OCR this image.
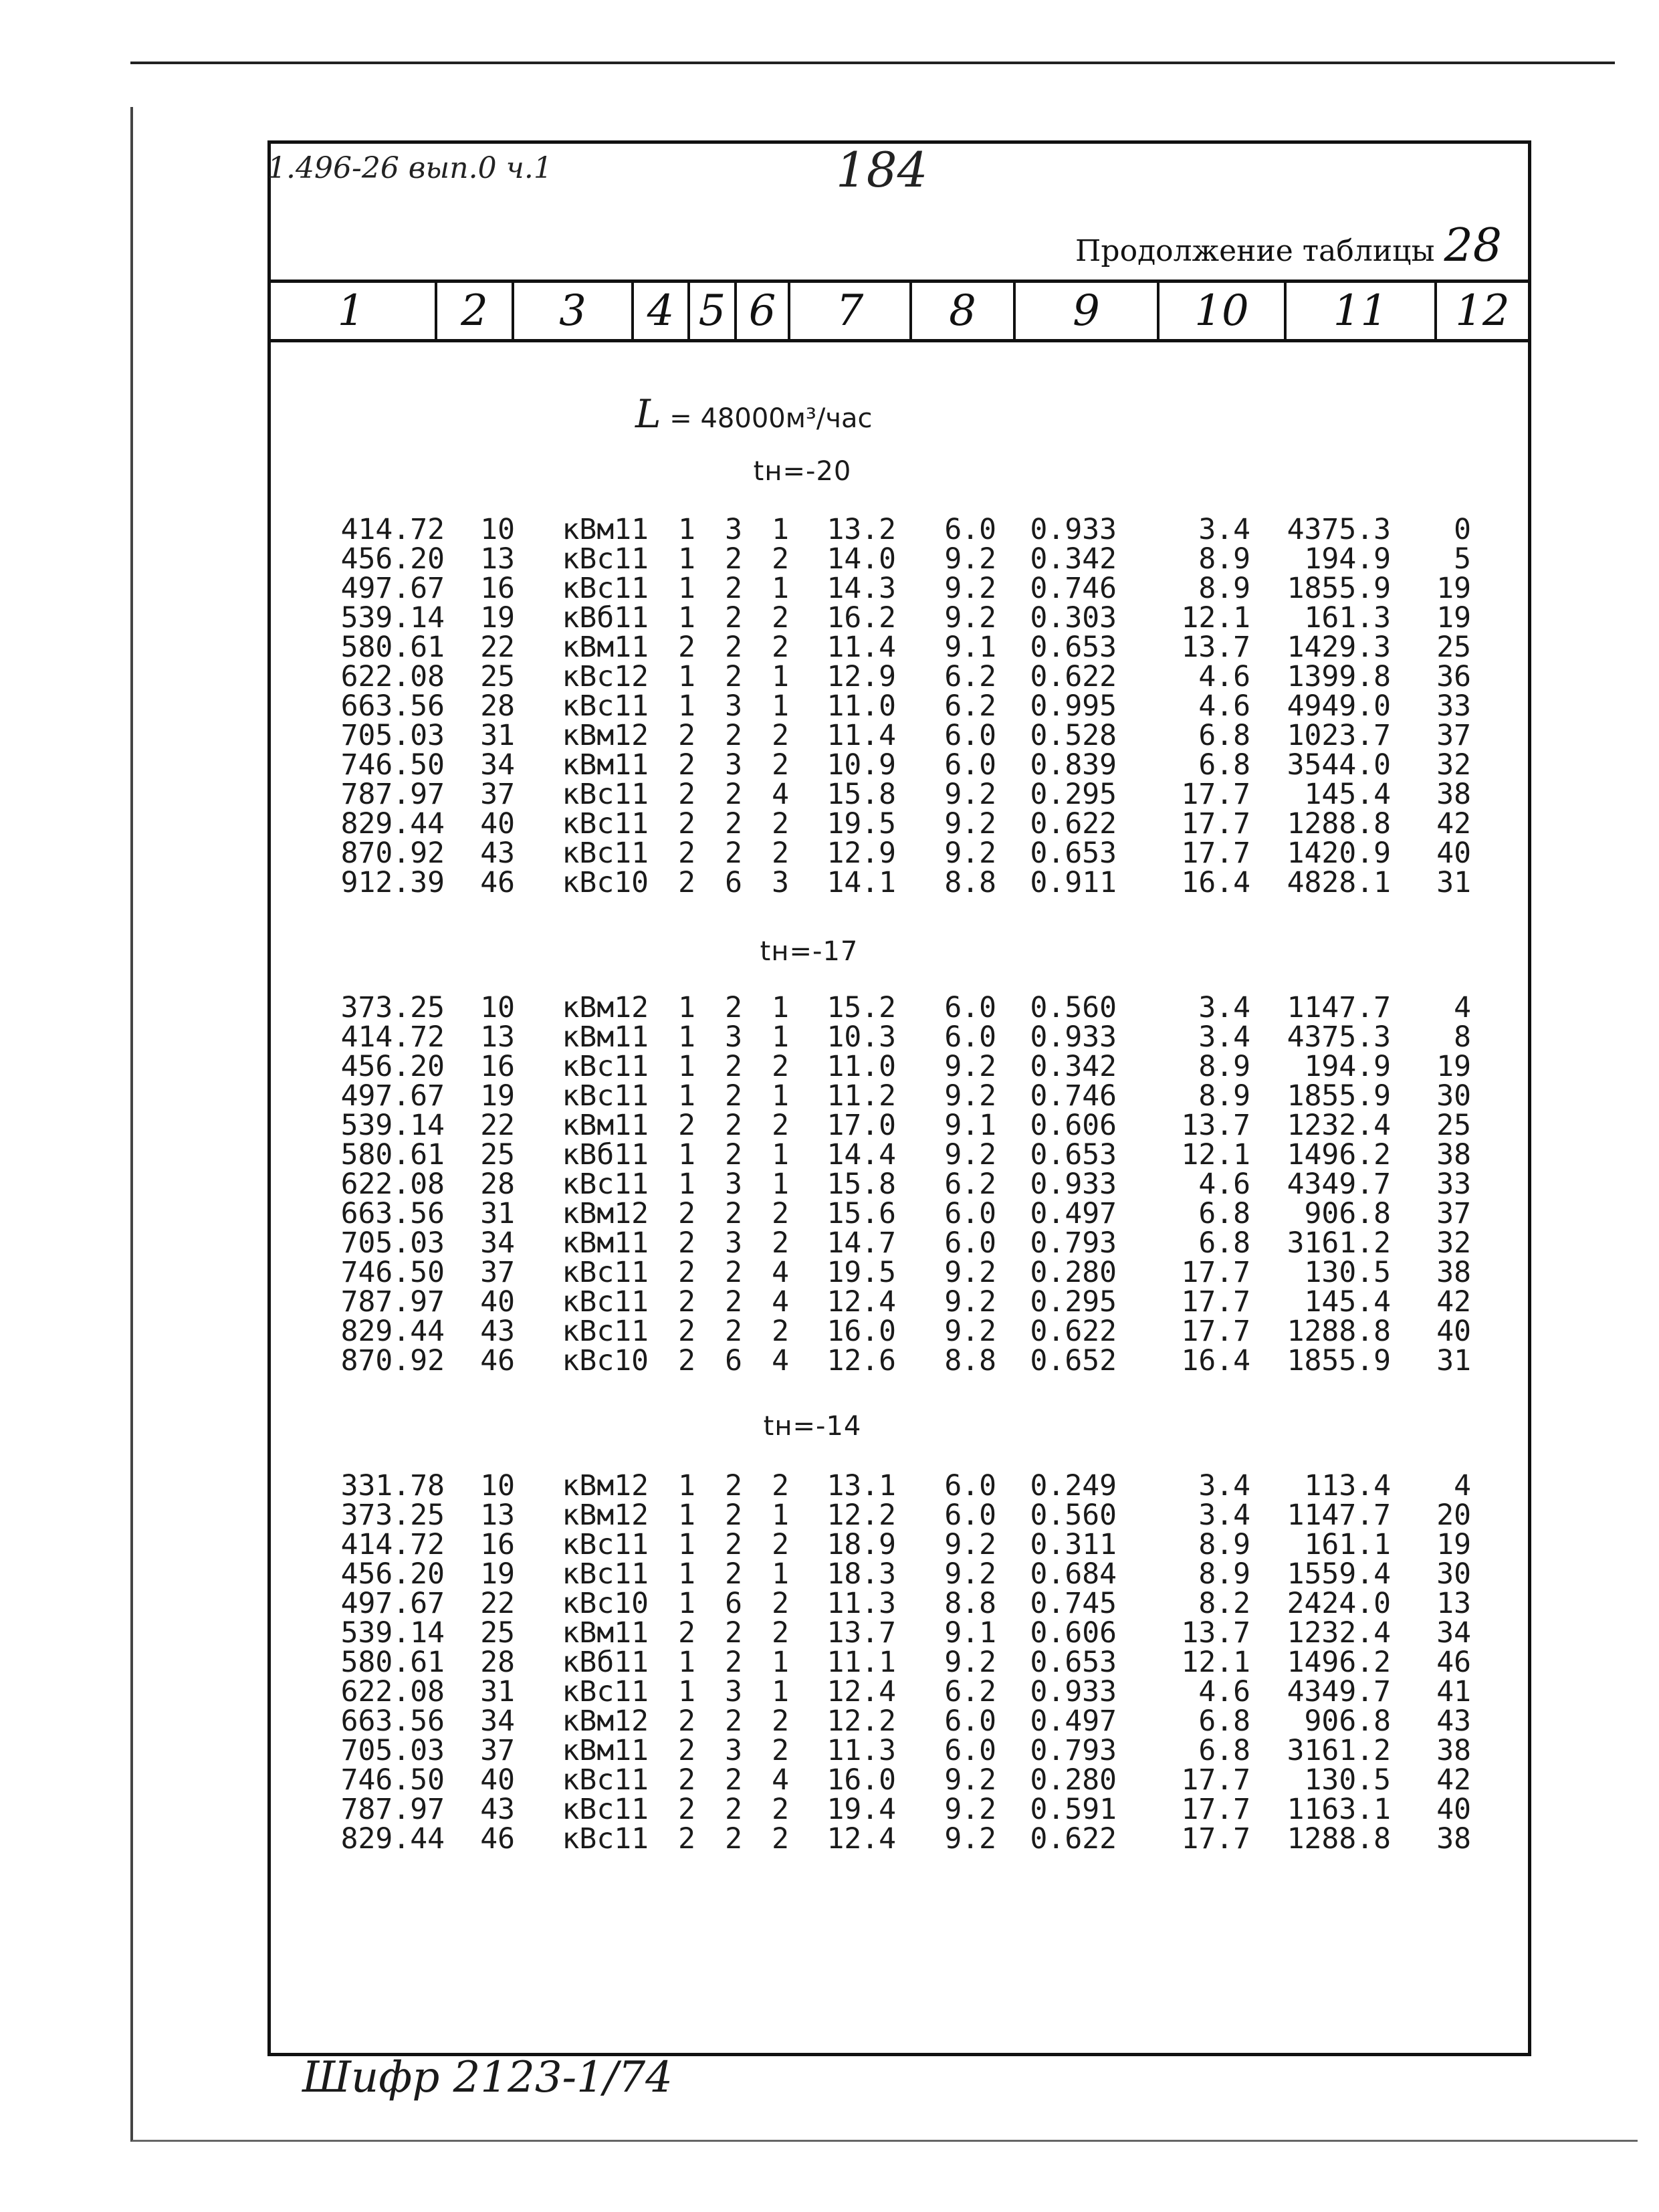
1.496-26 вып.0 ч.1	184
Продолжение таблицы 28
1	2	3	4 5 6	7	8	9	10	11	12
L = 48000м³/час
tн=-20
414.72	10	кВм11	1	3	1	13.2	6.0	0.933	3.4	4375.3	0
456.20	13	кВс11	1	2	2	14.0	9.2	0.342	8.9	194.9	5
497.67	16	кВс11	1	2	1	14.3	9.2	0.746	8.9	1855.9	19
539.14	19	кВб11	1	2	2	16.2	9.2	0.303	12.1	161.3	19
580.61	22	кВм11	2	2	2	11.4	9.1	0.653	13.7	1429.3	25
622.08	25	кВс12	1	2	1	12.9	6.2	0.622	4.6	1399.8	36
663.56	28	кВс11	1	3	1	11.0	6.2	0.995	4.6	4949.0	33
705.03	31	кВм12	2	2	2	11.4	6.0	0.528	6.8	1023.7	37
746.50	34	кВм11	2	3	2	10.9	6.0	0.839	6.8	3544.0	32
787.97	37	кВс11	2	2	4	15.8	9.2	0.295	17.7	145.4	38
829.44	40	кВс11	2	2	2	19.5	9.2	0.622	17.7	1288.8	42
870.92	43	кВс11	2	2	2	12.9	9.2	0.653	17.7	1420.9	40
912.39	46	кВс10	2	6	3	14.1	8.8	0.911	16.4	4828.1	31
tн=-17
373.25	10	кВм12	1	2	1	15.2	6.0	0.560	3.4	1147.7	4
414.72	13	кВм11	1	3	1	10.3	6.0	0.933	3.4	4375.3	8
456.20	16	кВс11	1	2	2	11.0	9.2	0.342	8.9	194.9	19
497.67	19	кВс11	1	2	1	11.2	9.2	0.746	8.9	1855.9	30
539.14	22	кВм11	2	2	2	17.0	9.1	0.606	13.7	1232.4	25
580.61	25	кВб11	1	2	1	14.4	9.2	0.653	12.1	1496.2	38
622.08	28	кВс11	1	3	1	15.8	6.2	0.933	4.6	4349.7	33
663.56	31	кВм12	2	2	2	15.6	6.0	0.497	6.8	906.8	37
705.03	34	кВм11	2	3	2	14.7	6.0	0.793	6.8	3161.2	32
746.50	37	кВс11	2	2	4	19.5	9.2	0.280	17.7	130.5	38
787.97	40	кВс11	2	2	4	12.4	9.2	0.295	17.7	145.4	42
829.44	43	кВс11	2	2	2	16.0	9.2	0.622	17.7	1288.8	40
870.92	46	кВс10	2	6	4	12.6	8.8	0.652	16.4	1855.9	31
tн=-14
331.78	10	кВм12	1	2	2	13.1	6.0	0.249	3.4	113.4	4
373.25	13	кВм12	1	2	1	12.2	6.0	0.560	3.4	1147.7	20
414.72	16	кВс11	1	2	2	18.9	9.2	0.311	8.9	161.1	19
456.20	19	кВс11	1	2	1	18.3	9.2	0.684	8.9	1559.4	30
497.67	22	кВс10	1	6	2	11.3	8.8	0.745	8.2	2424.0	13
539.14	25	кВм11	2	2	2	13.7	9.1	0.606	13.7	1232.4	34
580.61	28	кВб11	1	2	1	11.1	9.2	0.653	12.1	1496.2	46
622.08	31	кВс11	1	3	1	12.4	6.2	0.933	4.6	4349.7	41
663.56	34	кВм12	2	2	2	12.2	6.0	0.497	6.8	906.8	43
705.03	37	кВм11	2	3	2	11.3	6.0	0.793	6.8	3161.2	38
746.50	40	кВс11	2	2	4	16.0	9.2	0.280	17.7	130.5	42
787.97	43	кВс11	2	2	2	19.4	9.2	0.591	17.7	1163.1	40
829.44	46	кВс11	2	2	2	12.4	9.2	0.622	17.7	1288.8	38
Шифр 2123-1/74
